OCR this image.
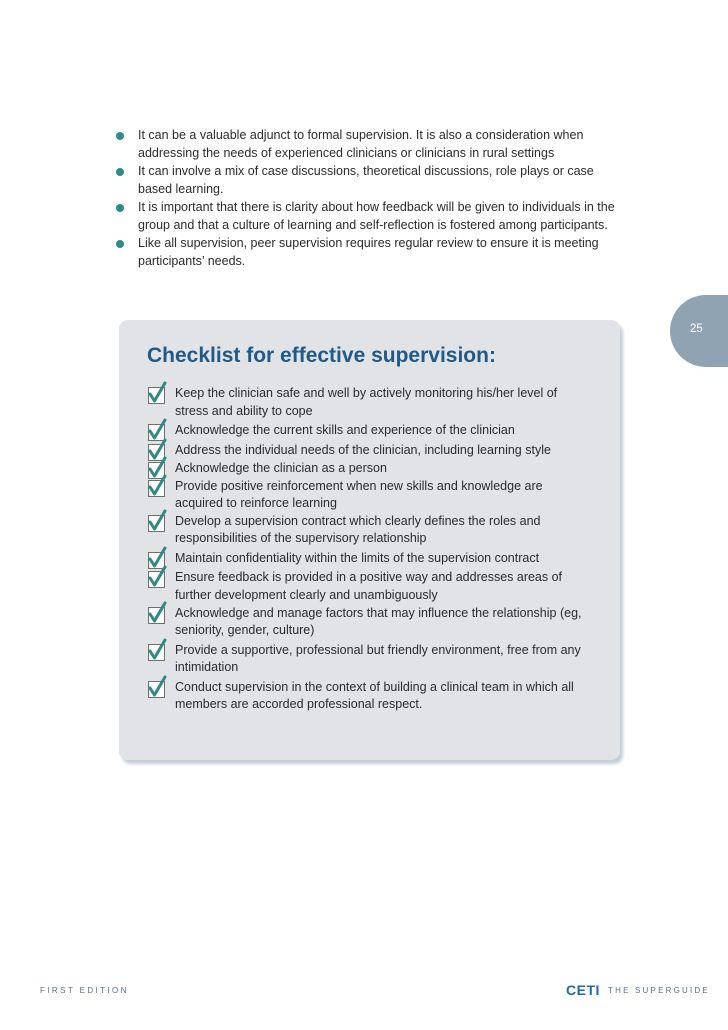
It can be a valuable adjunct to formal supervision. It is also a consideration when addressing the needs of experienced clinicians or clinicians in rural settings
It can involve a mix of case discussions, theoretical discussions, role plays or case based learning.
It is important that there is clarity about how feedback will be given to individuals in the group and that a culture of learning and self-reflection is fostered among participants.
Like all supervision, peer supervision requires regular review to ensure it is meeting participants’ needs.
25
Checklist for effective supervision:
Keep the clinician safe and well by actively monitoring his/her level of stress and ability to cope
Acknowledge the current skills and experience of the clinician
Address the individual needs of the clinician, including learning style
Acknowledge the clinician as a person
Provide positive reinforcement when new skills and knowledge are acquired to reinforce learning
Develop a supervision contract which clearly defines the roles and responsibilities of the supervisory relationship
Maintain confidentiality within the limits of the supervision contract
Ensure feedback is provided in a positive way and addresses areas of further development clearly and unambiguously
Acknowledge and manage factors that may influence the relationship (eg, seniority, gender, culture)
Provide a supportive, professional but friendly environment, free from any intimidation
Conduct supervision in the context of building a clinical team in which all members are accorded professional respect.
FIRST EDITION	CETI THE SUPERGUIDE
